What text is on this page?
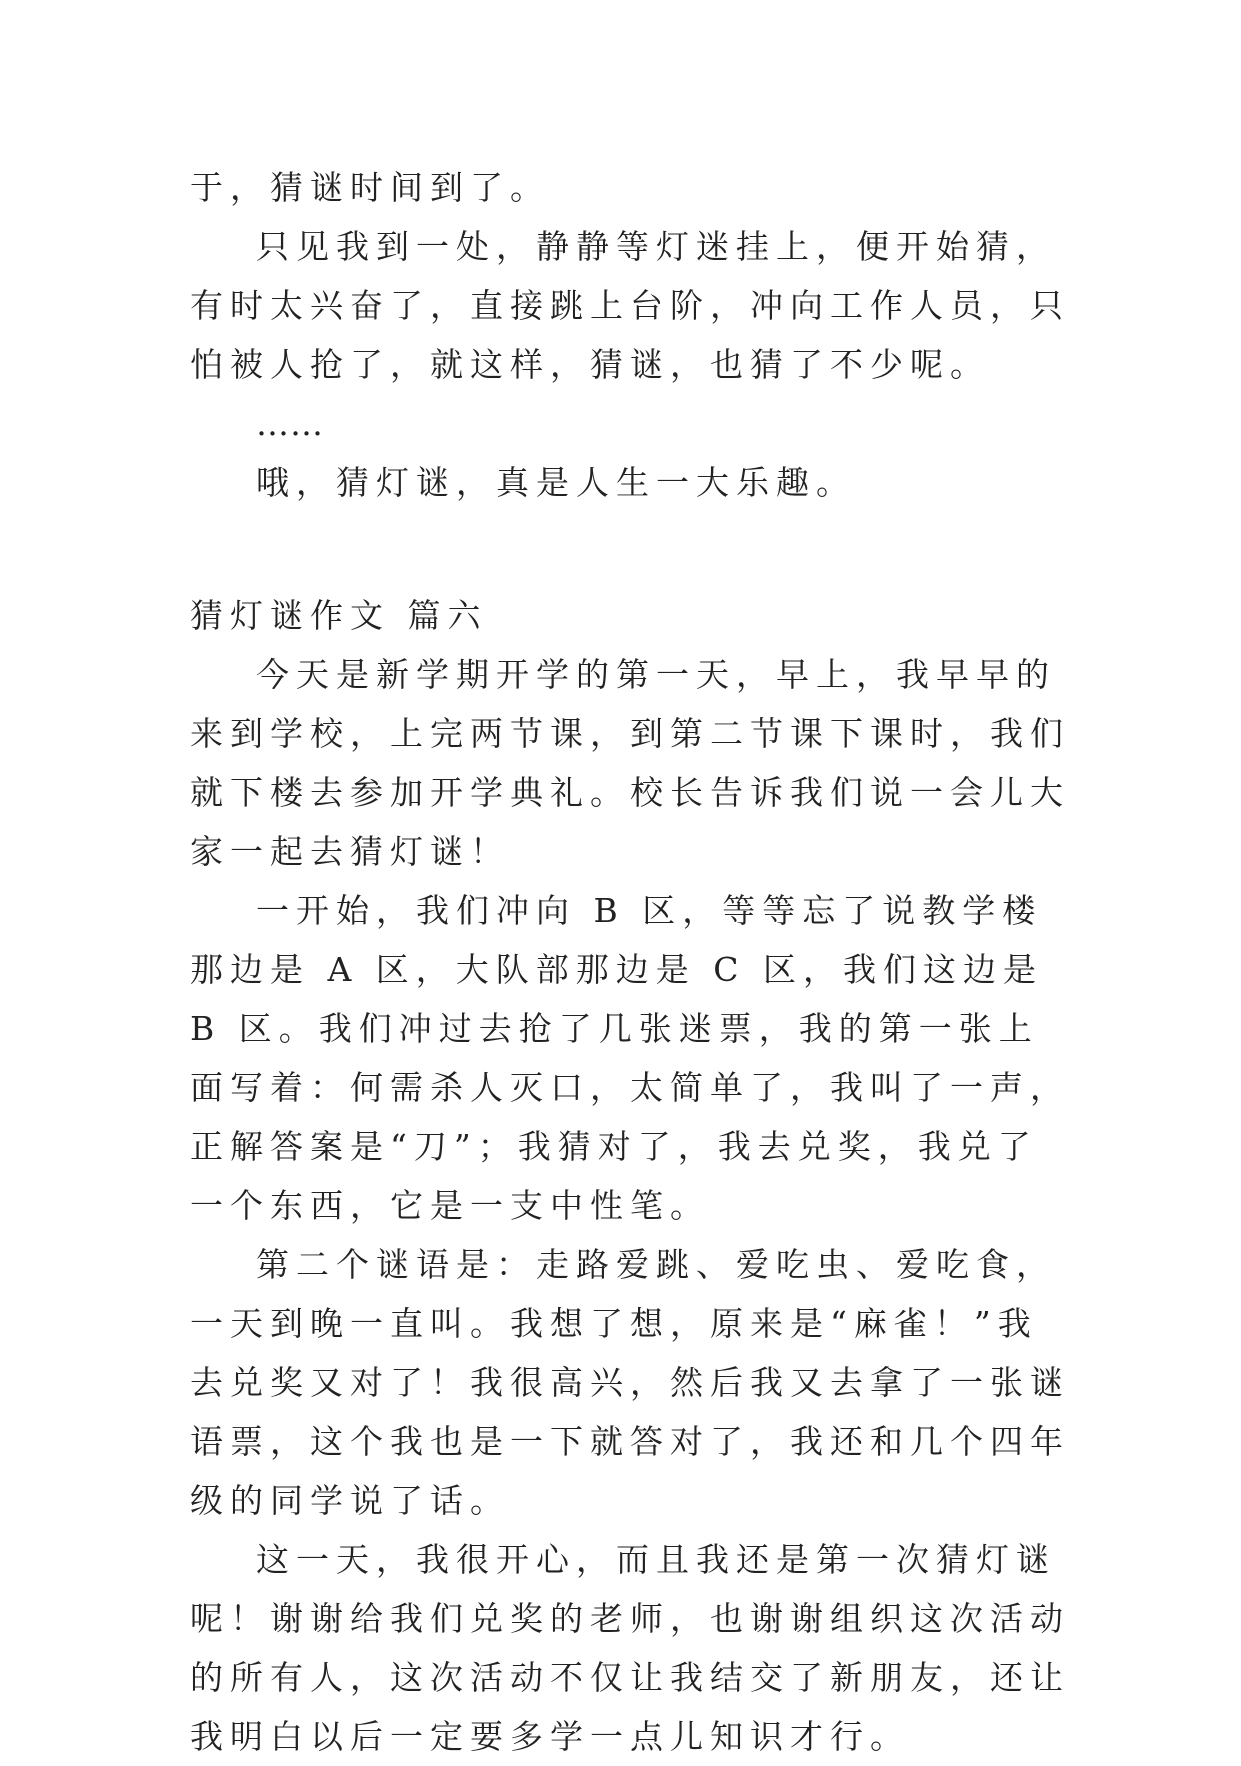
于，猜谜时间到了。

只见我到一处，静静等灯迷挂上，便开始猜，有时太兴奋了，直接跳上台阶，冲向工作人员，只怕被人抢了，就这样，猜谜，也猜了不少呢。

……

哦，猜灯谜，真是人生一大乐趣。

猜灯谜作文 篇六

今天是新学期开学的第一天，早上，我早早的来到学校，上完两节课，到第二节课下课时，我们就下楼去参加开学典礼。校长告诉我们说一会儿大家一起去猜灯谜！

一开始，我们冲向 B 区，等等忘了说教学楼那边是 A 区，大队部那边是 C 区，我们这边是 B 区。我们冲过去抢了几张迷票，我的第一张上面写着：何需杀人灭口，太简单了，我叫了一声，正解答案是“刀”；我猜对了，我去兑奖，我兑了一个东西，它是一支中性笔。

第二个谜语是：走路爱跳、爱吃虫、爱吃食，一天到晚一直叫。我想了想，原来是“麻雀！”我去兑奖又对了！我很高兴，然后我又去拿了一张谜语票，这个我也是一下就答对了，我还和几个四年级的同学说了话。

这一天，我很开心，而且我还是第一次猜灯谜呢！谢谢给我们兑奖的老师，也谢谢组织这次活动的所有人，这次活动不仅让我结交了新朋友，还让我明白以后一定要多学一点儿知识才行。
